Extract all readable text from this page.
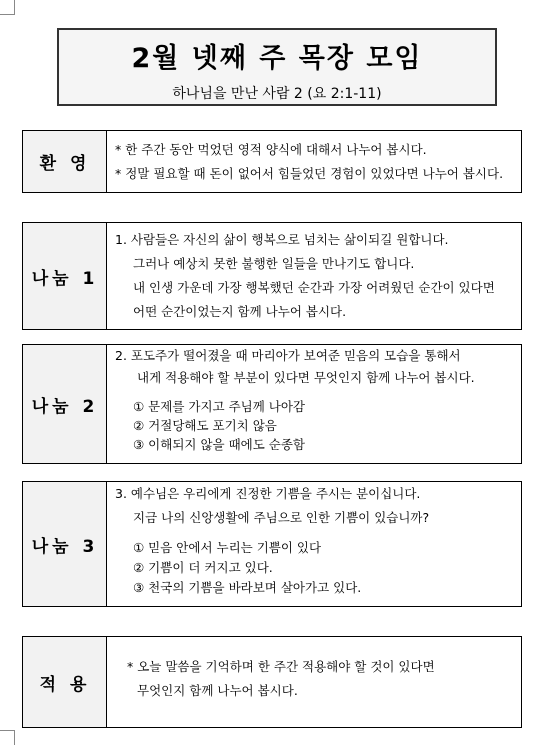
2월 넷째 주 목장 모임
하나님을 만난 사람 2 (요 2:1-11)
환 영

* 한 주간 동안 먹었던 영적 양식에 대해서 나누어 봅시다.

* 정말 필요할 때 돈이 없어서 힘들었던 경험이 있었다면 나누어 봅시다.

나눔 1

1. 사람들은 자신의 삶이 행복으로 넘치는 삶이되길 원합니다.

그러나 예상치 못한 불행한 일들을 만나기도 합니다.

내 인생 가운데 가장 행복했던 순간과 가장 어려웠던 순간이 있다면

어떤 순간이었는지 함께 나누어 봅시다.

나눔 2

2. 포도주가 떨어졌을 때 마리아가 보여준 믿음의 모습을 통해서

내게 적용해야 할 부분이 있다면 무엇인지 함께 나누어 봅시다.

① 문제를 가지고 주님께 나아감

② 거절당해도 포기치 않음

③ 이해되지 않을 때에도 순종함

나눔 3

3. 예수님은 우리에게 진정한 기쁨을 주시는 분이십니다.

지금 나의 신앙생활에 주님으로 인한 기쁨이 있습니까?

① 믿음 안에서 누리는 기쁨이 있다

② 기쁨이 더 커지고 있다.

③ 천국의 기쁨을 바라보며 살아가고 있다.

적 용

* 오늘 말씀을 기억하며 한 주간 적용해야 할 것이 있다면

무엇인지 함께 나누어 봅시다.
